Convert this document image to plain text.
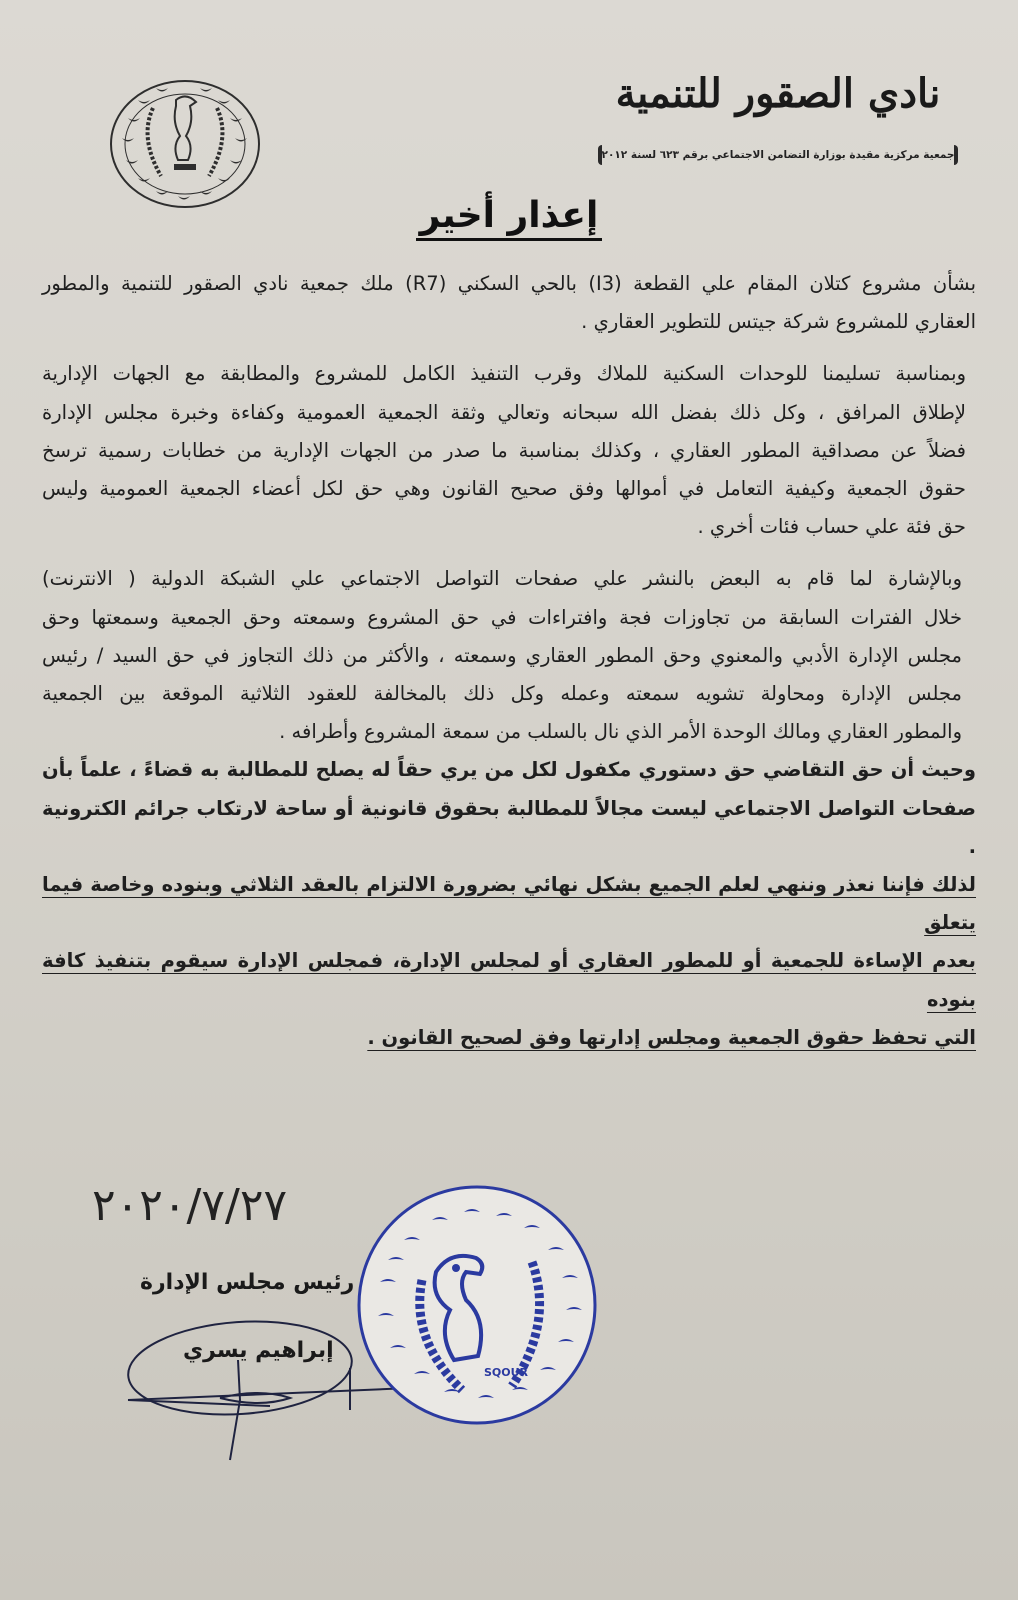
نادي الصقور للتنمية
جمعية مركزية مقيدة بوزارة التضامن الاجتماعي برقم ٦٢٣ لسنة ٢٠١٢
إعذار أخير

بشأن مشروع كتلان المقام علي القطعة (I3) بالحي السكني (R7) ملك جمعية نادي الصقور للتنمية والمطور
العقاري للمشروع شركة جيتس للتطوير العقاري .

وبمناسبة تسليمنا للوحدات السكنية للملاك وقرب التنفيذ الكامل للمشروع والمطابقة مع الجهات الإدارية
لإطلاق المرافق ، وكل ذلك بفضل الله سبحانه وتعالي وثقة الجمعية العمومية وكفاءة وخبرة مجلس الإدارة
فضلاً عن مصداقية المطور العقاري ، وكذلك بمناسبة ما صدر من الجهات الإدارية من خطابات رسمية ترسخ
حقوق الجمعية وكيفية التعامل في أموالها وفق صحيح القانون وهي حق لكل أعضاء الجمعية العمومية وليس
حق فئة علي حساب فئات أخري .

وبالإشارة لما قام به البعض بالنشر علي صفحات التواصل الاجتماعي علي الشبكة الدولية ( الانترنت)
خلال الفترات السابقة من تجاوزات فجة وافتراءات في حق المشروع وسمعته وحق الجمعية وسمعتها وحق
مجلس الإدارة الأدبي والمعنوي وحق المطور العقاري وسمعته ، والأكثر من ذلك التجاوز في حق السيد / رئيس
مجلس الإدارة ومحاولة تشويه سمعته وعمله وكل ذلك بالمخالفة للعقود الثلاثية الموقعة بين الجمعية
والمطور العقاري ومالك الوحدة الأمر الذي نال بالسلب من سمعة المشروع وأطرافه .

وحيث أن حق التقاضي حق دستوري مكفول لكل من يري حقاً له يصلح للمطالبة به قضاءً ، علماً بأن
صفحات التواصل الاجتماعي ليست مجالاً للمطالبة بحقوق قانونية أو ساحة لارتكاب جرائم الكترونية .

لذلك فإننا نعذر وننهي لعلم الجميع بشكل نهائي بضرورة الالتزام بالعقد الثلاثي وبنوده وخاصة فيما يتعلق
بعدم الإساءة للجمعية أو للمطور العقاري أو لمجلس الإدارة، فمجلس الإدارة سيقوم بتنفيذ كافة بنوده
التي تحفظ حقوق الجمعية ومجلس إدارتها وفق لصحيح القانون .

٢٠٢٠/٧/٢٧
رئيس مجلس الإدارة
إبراهيم يسري
SQOUR
